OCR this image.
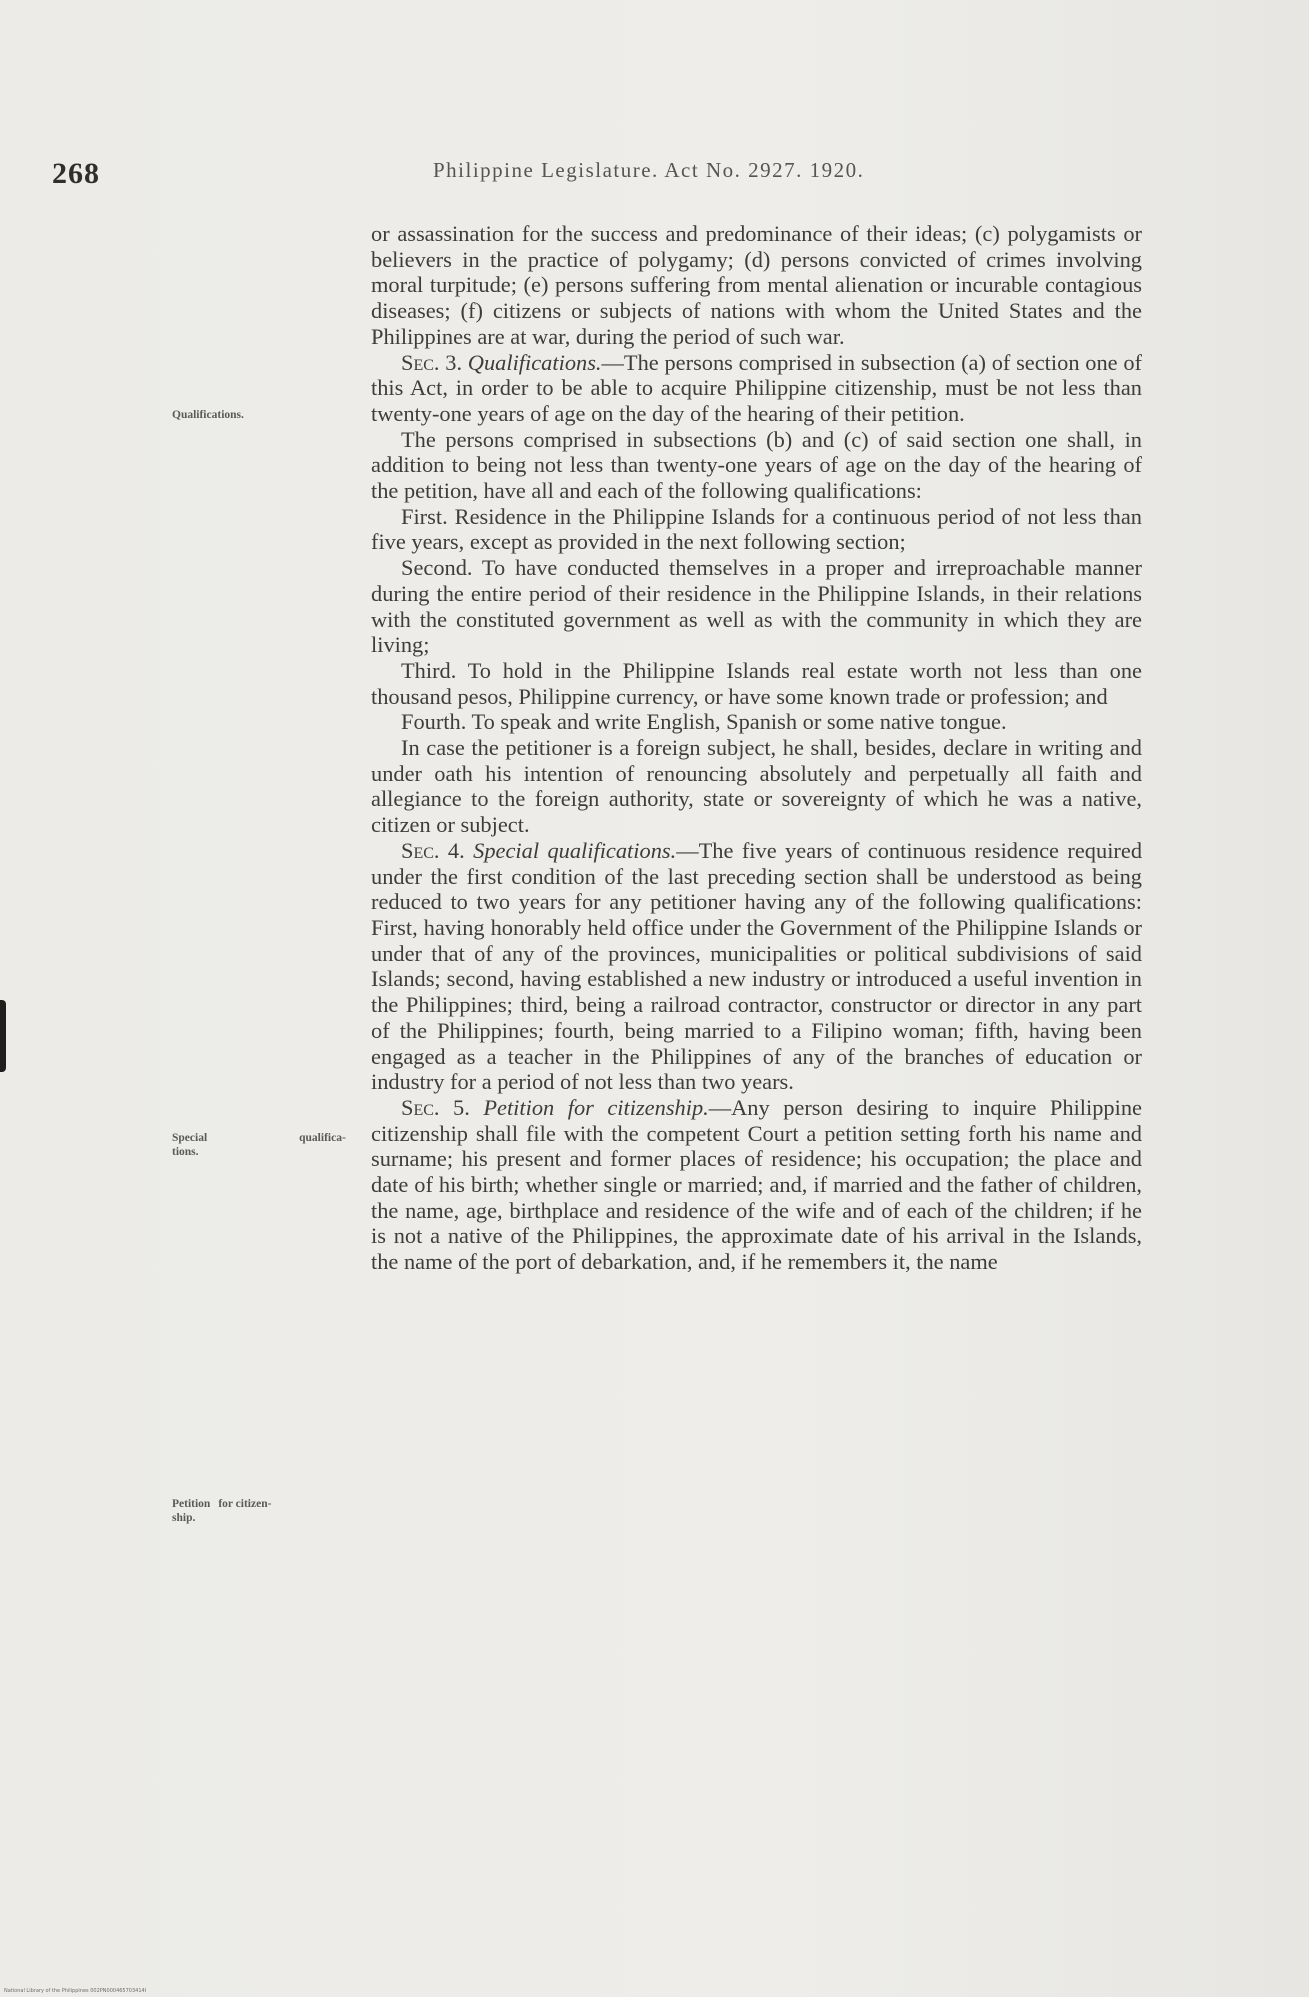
268	Philippine Legislature. Act No. 2927. 1920.
Qualifications.
Special	qualifica-
tions.
Petition for citizen-
ship.

or assassination for the success and predominance of their ideas; (c) polygamists or believers in the practice of polygamy; (d) persons convicted of crimes involving moral turpitude; (e) persons suffering from mental alienation or incurable contagious diseases; (f) citizens or subjects of nations with whom the United States and the Philippines are at war, during the period of such war.

Sec. 3. Qualifications.—The persons comprised in subsection (a) of section one of this Act, in order to be able to acquire Philippine citizenship, must be not less than twenty-one years of age on the day of the hearing of their petition.

The persons comprised in subsections (b) and (c) of said section one shall, in addition to being not less than twenty-one years of age on the day of the hearing of the petition, have all and each of the following qualifications:

First. Residence in the Philippine Islands for a continuous period of not less than five years, except as provided in the next following section;

Second. To have conducted themselves in a proper and irreproachable manner during the entire period of their residence in the Philippine Islands, in their relations with the constituted government as well as with the community in which they are living;

Third. To hold in the Philippine Islands real estate worth not less than one thousand pesos, Philippine currency, or have some known trade or profession; and

Fourth. To speak and write English, Spanish or some native tongue.

In case the petitioner is a foreign subject, he shall, besides, declare in writing and under oath his intention of renouncing absolutely and perpetually all faith and allegiance to the foreign authority, state or sovereignty of which he was a native, citizen or subject.

Sec. 4. Special qualifications.—The five years of continuous residence required under the first condition of the last preceding section shall be understood as being reduced to two years for any petitioner having any of the following qualifications: First, having honorably held office under the Government of the Philippine Islands or under that of any of the provinces, municipalities or political subdivisions of said Islands; second, having established a new industry or introduced a useful invention in the Philippines; third, being a railroad contractor, constructor or director in any part of the Philippines; fourth, being married to a Filipino woman; fifth, having been engaged as a teacher in the Philippines of any of the branches of education or industry for a period of not less than two years.

Sec. 5. Petition for citizenship.—Any person desiring to inquire Philippine citizenship shall file with the competent Court a petition setting forth his name and surname; his present and former places of residence; his occupation; the place and date of his birth; whether single or married; and, if married and the father of children, the name, age, birthplace and residence of the wife and of each of the children; if he is not a native of the Philippines, the approximate date of his arrival in the Islands, the name of the port of debarkation, and, if he remembers it, the name

National Library of the Philippines 002PN000465703414I
